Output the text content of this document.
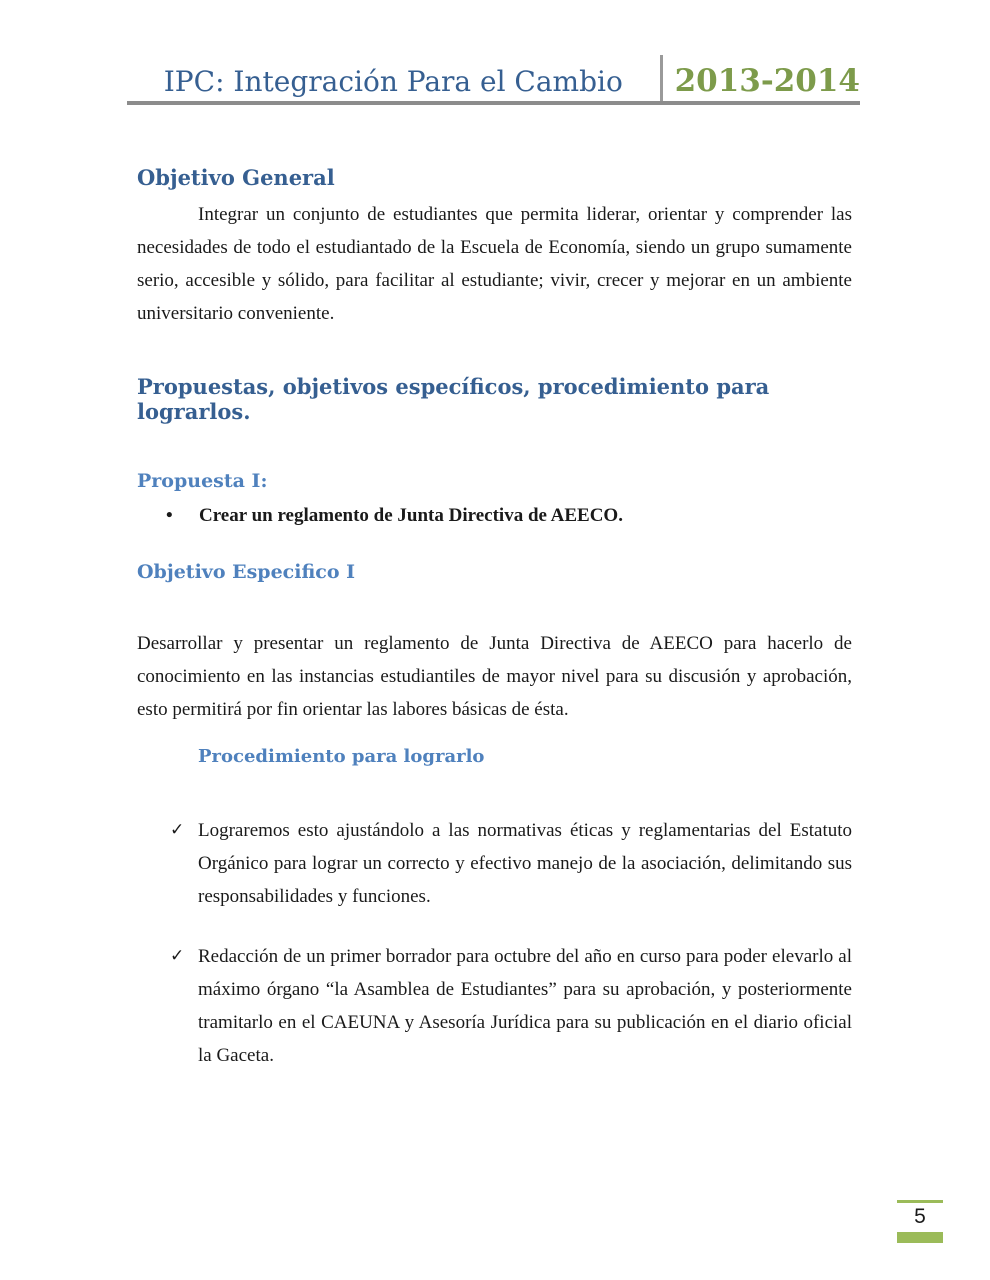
IPC: Integración Para el Cambio	2013-2014
Objetivo General

Integrar un conjunto de estudiantes que permita liderar, orientar y comprender las necesidades de todo el estudiantado de la Escuela de Economía, siendo un grupo sumamente serio, accesible y sólido, para facilitar al estudiante; vivir, crecer y mejorar en un ambiente universitario conveniente.

Propuestas, objetivos específicos, procedimiento para lograrlos.
Propuesta I:
•	Crear un reglamento de Junta Directiva de AEECO.
Objetivo Especifico I

Desarrollar y presentar un reglamento de Junta Directiva de AEECO para hacerlo de conocimiento en las instancias estudiantiles de mayor nivel para su discusión y aprobación, esto permitirá por fin orientar las labores básicas de ésta.

Procedimiento para lograrlo
✓ Lograremos esto ajustándolo a las normativas éticas y reglamentarias del Estatuto Orgánico para lograr un correcto y efectivo manejo de la asociación, delimitando sus responsabilidades y funciones.
✓ Redacción de un primer borrador para octubre del año en curso para poder elevarlo al máximo órgano “la Asamblea de Estudiantes” para su aprobación, y posteriormente tramitarlo en el CAEUNA y Asesoría Jurídica para su publicación en el diario oficial la Gaceta.
5
